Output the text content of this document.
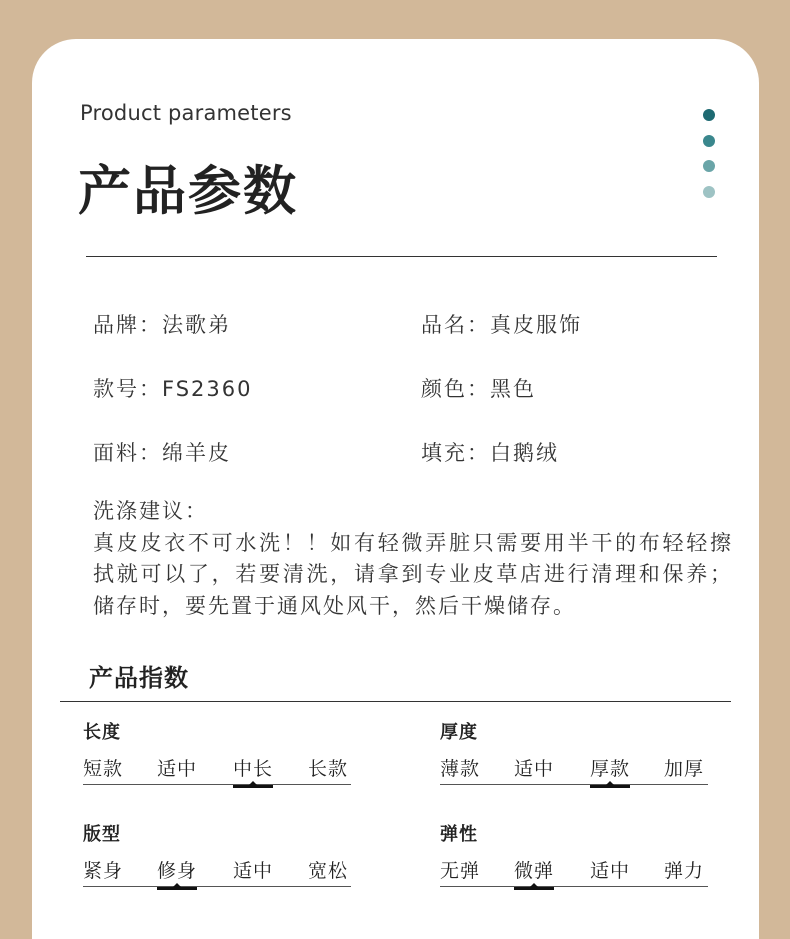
Product parameters
产品参数
品牌：法歌弟	品名：真皮服饰
款号：FS2360	颜色：黑色
面料：绵羊皮	填充：白鹅绒
洗涤建议：
真皮皮衣不可水洗！！如有轻微弄脏只需要用半干的布轻轻擦拭就可以了，若要清洗，请拿到专业皮草店进行清理和保养；储存时，要先置于通风处风干，然后干燥储存。
产品指数
长度
短款 适中 中长 长款
厚度
薄款 适中 厚款 加厚
版型
紧身 修身 适中 宽松
弹性
无弹 微弹 适中 弹力
